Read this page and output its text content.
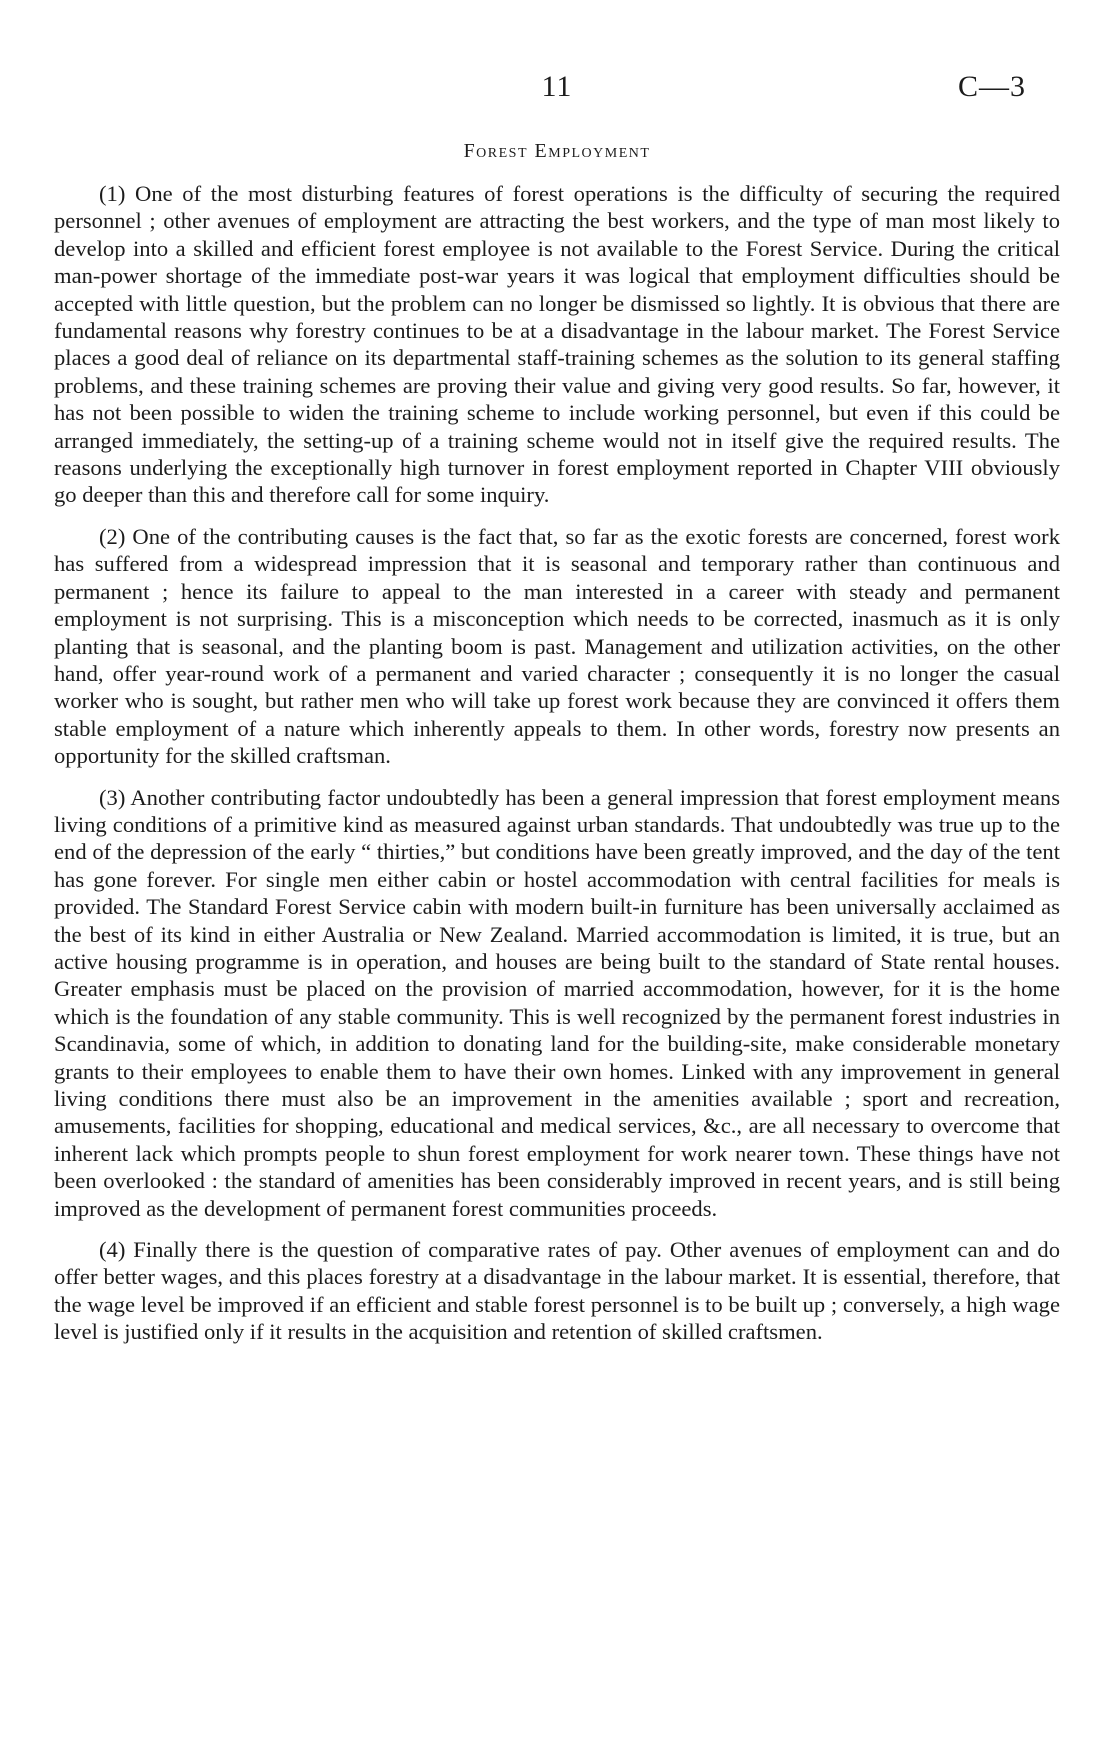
11	C—3
Forest Employment

(1) One of the most disturbing features of forest operations is the difficulty of securing the required personnel ; other avenues of employment are attracting the best workers, and the type of man most likely to develop into a skilled and efficient forest employee is not available to the Forest Service. During the critical man-power shortage of the immediate post-war years it was logical that employment difficulties should be accepted with little question, but the problem can no longer be dismissed so lightly. It is obvious that there are fundamental reasons why forestry continues to be at a disadvantage in the labour market. The Forest Service places a good deal of reliance on its departmental staff-training schemes as the solution to its general staffing problems, and these training schemes are proving their value and giving very good results. So far, however, it has not been possible to widen the training scheme to include working personnel, but even if this could be arranged immediately, the setting-up of a training scheme would not in itself give the required results. The reasons underlying the exceptionally high turnover in forest employment reported in Chapter VIII obviously go deeper than this and therefore call for some inquiry.

(2) One of the contributing causes is the fact that, so far as the exotic forests are concerned, forest work has suffered from a widespread impression that it is seasonal and temporary rather than continuous and permanent ; hence its failure to appeal to the man interested in a career with steady and permanent employment is not surprising. This is a misconception which needs to be corrected, inasmuch as it is only planting that is seasonal, and the planting boom is past. Management and utilization activities, on the other hand, offer year-round work of a permanent and varied character ; consequently it is no longer the casual worker who is sought, but rather men who will take up forest work because they are convinced it offers them stable employment of a nature which inherently appeals to them. In other words, forestry now presents an opportunity for the skilled craftsman.

(3) Another contributing factor undoubtedly has been a general impression that forest employment means living conditions of a primitive kind as measured against urban standards. That undoubtedly was true up to the end of the depression of the early “ thirties,” but conditions have been greatly improved, and the day of the tent has gone forever. For single men either cabin or hostel accommodation with central facilities for meals is provided. The Standard Forest Service cabin with modern built-in furniture has been universally acclaimed as the best of its kind in either Australia or New Zealand. Married accommodation is limited, it is true, but an active housing programme is in operation, and houses are being built to the standard of State rental houses. Greater emphasis must be placed on the provision of married accommodation, however, for it is the home which is the foundation of any stable community. This is well recognized by the permanent forest industries in Scandinavia, some of which, in addition to donating land for the building-site, make considerable monetary grants to their employees to enable them to have their own homes. Linked with any improvement in general living conditions there must also be an improvement in the amenities available ; sport and recreation, amusements, facilities for shopping, educational and medical services, &c., are all necessary to overcome that inherent lack which prompts people to shun forest employment for work nearer town. These things have not been overlooked : the standard of amenities has been considerably improved in recent years, and is still being improved as the development of permanent forest communities proceeds.

(4) Finally there is the question of comparative rates of pay. Other avenues of employment can and do offer better wages, and this places forestry at a disadvantage in the labour market. It is essential, therefore, that the wage level be improved if an efficient and stable forest personnel is to be built up ; conversely, a high wage level is justified only if it results in the acquisition and retention of skilled craftsmen.
